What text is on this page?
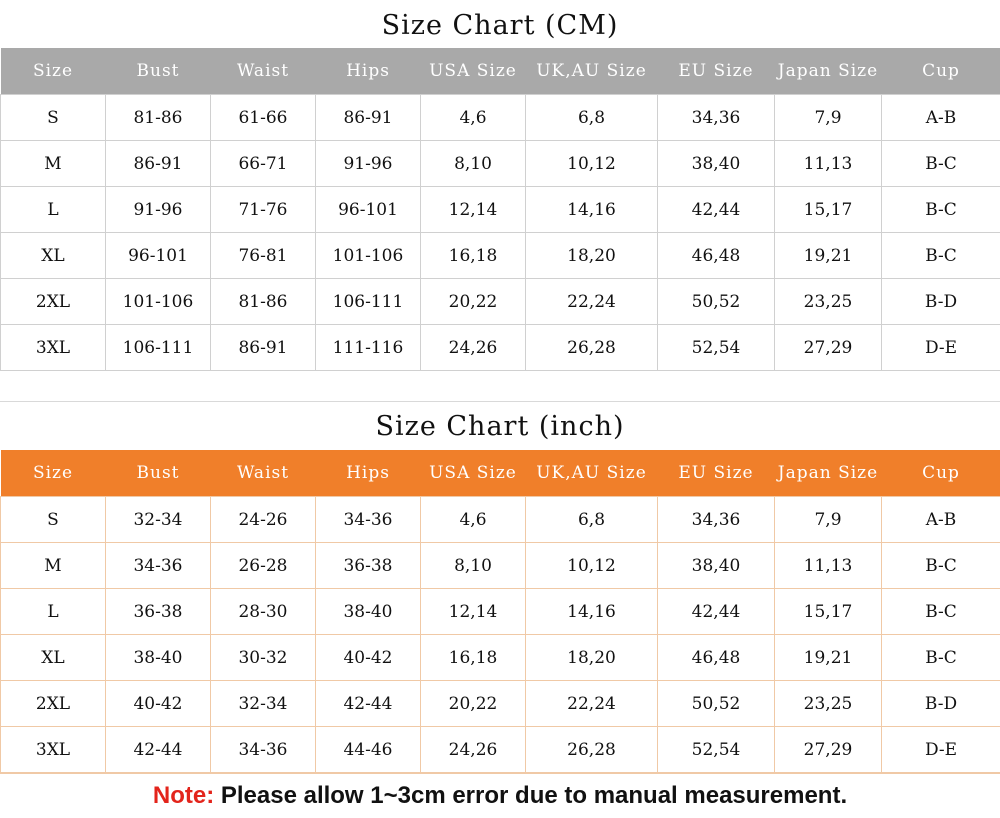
Size Chart (CM)
Size	Bust	Waist	Hips	USA Size	UK,AU Size	EU Size	Japan Size	Cup
S	81-86	61-66	86-91	4,6	6,8	34,36	7,9	A-B
M	86-91	66-71	91-96	8,10	10,12	38,40	11,13	B-C
L	91-96	71-76	96-101	12,14	14,16	42,44	15,17	B-C
XL	96-101	76-81	101-106	16,18	18,20	46,48	19,21	B-C
2XL	101-106	81-86	106-111	20,22	22,24	50,52	23,25	B-D
3XL	106-111	86-91	111-116	24,26	26,28	52,54	27,29	D-E
Size Chart (inch)
Size	Bust	Waist	Hips	USA Size	UK,AU Size	EU Size	Japan Size	Cup
S	32-34	24-26	34-36	4,6	6,8	34,36	7,9	A-B
M	34-36	26-28	36-38	8,10	10,12	38,40	11,13	B-C
L	36-38	28-30	38-40	12,14	14,16	42,44	15,17	B-C
XL	38-40	30-32	40-42	16,18	18,20	46,48	19,21	B-C
2XL	40-42	32-34	42-44	20,22	22,24	50,52	23,25	B-D
3XL	42-44	34-36	44-46	24,26	26,28	52,54	27,29	D-E
Note: Please allow 1~3cm error due to manual measurement.
